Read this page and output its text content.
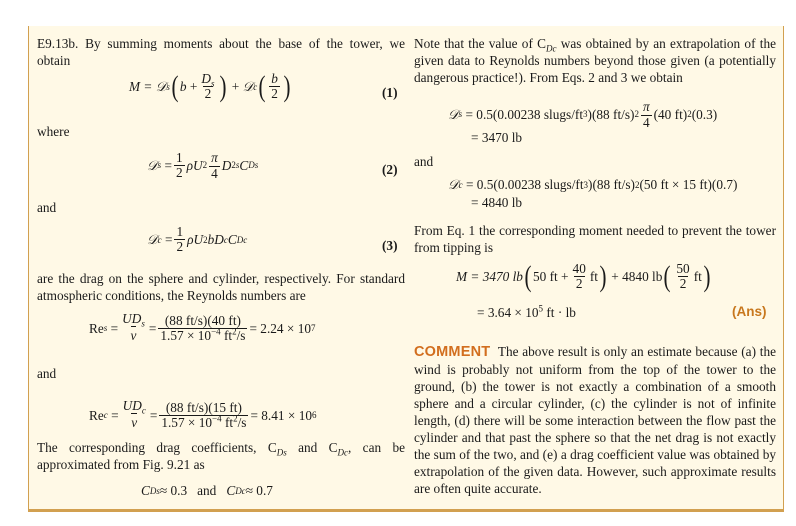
E9.13b. By summing moments about the base of the tower, we obtain

M =
𝒟 s ( b
+ $\frac{D_s}{2}$ )
+
𝒟 c ( $\frac{b}{2}$ )	(1)

where

𝒟 s
= $\frac{1}{2}$ ρU $2 \frac{\pi}{4}$ D 2 s C Ds	(2)

and

𝒟 c
= $\frac{1}{2}$ ρU 2 bD c C Dc	(3)

are the drag on the sphere and cylinder, respectively. For standard atmospheric conditions, the Reynolds numbers are

Re s
= $\frac{UD_s}{\nu} = \frac{(88 ft/s)(40 ft)}{1.57 \times 10^{-4} ft^2/s} = 2.24 \times 10$ 7

and

Re c
= $\frac{UD_c}{\nu} = \frac{(88 ft/s)(15 ft)}{1.57 \times 10^{-4} ft^2/s} = 8.41 \times 10$ 6

The corresponding drag coefficients, $C_{Ds}$ and $C_{Dc}$, can be approximated from Fig. 9.21 as

C Ds ≈ 0.3
and
C Dc ≈ 0.7

Note that the value of $C_{Dc}$ was obtained by an extrapolation of the given data to Reynolds numbers beyond those given (a potentially dangerous practice!). From Eqs. 2 and 3 we obtain

𝒟 s
= 0.5(0.00238 slugs/ft 3 )(88 ft/s) $2 \frac{\pi}{4} (40$ ft) 2 (0.3)
= 3470 lb

and

𝒟 c
= 0.5(0.00238 slugs/ft 3 )(88 ft/s) 2 (50 ft × 15 ft)(0.7)
= 4840 lb

From Eq. 1 the corresponding moment needed to prevent the tower from tipping is

M = 3470 lb ( 50 ft + $\frac{40}{2}$ ft )
+ 4840 lb ( $\frac{50}{2}$ ft )
= $3.64 \times 10^5$ ft · lb	(Ans)

COMMENT The above result is only an estimate because (a) the wind is probably not uniform from the top of the tower to the ground, (b) the tower is not exactly a combination of a smooth sphere and a circular cylinder, (c) the cylinder is not of infinite length, (d) there will be some interaction between the flow past the cylinder and that past the sphere so that the net drag is not exactly the sum of the two, and (e) a drag coefficient value was obtained by extrapolation of the given data. However, such approximate results are often quite accurate.
